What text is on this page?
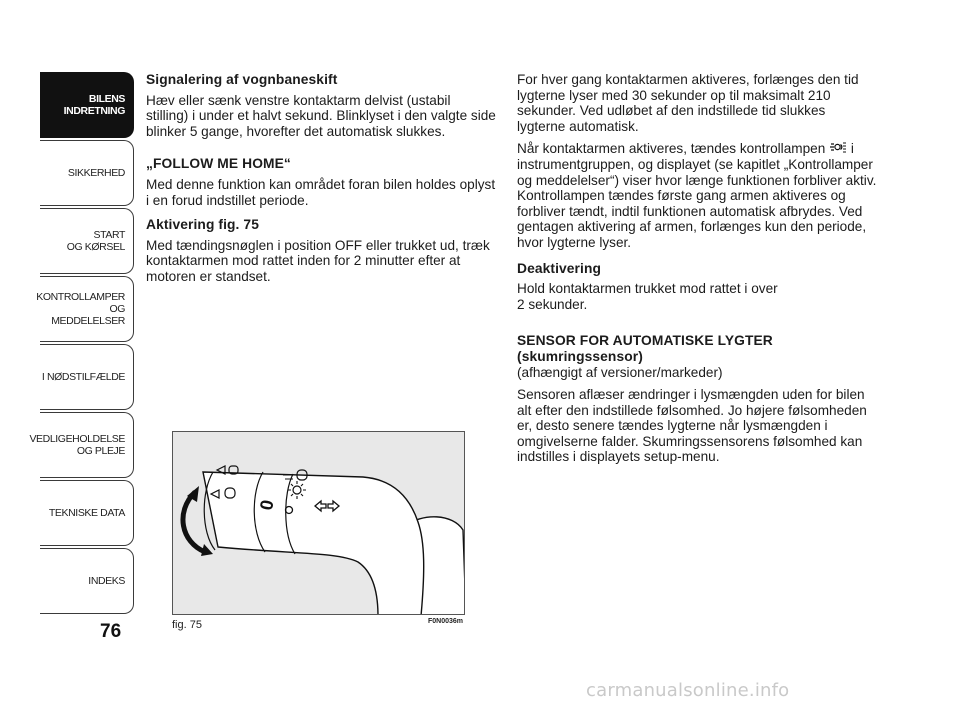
BILENS
INDRETNING
SIKKERHED
START
OG KØRSEL
KONTROLLAMPER
OG MEDDELELSER
I NØDSTILFÆLDE
VEDLIGEHOLDELSE
OG PLEJE
TEKNISKE DATA
INDEKS
76
Signalering af vognbaneskift

Hæv eller sænk venstre kontaktarm delvist (ustabil stilling) i under et halvt sekund. Blinklyset i den valgte side blinker 5 gange, hvorefter det automatisk slukkes.

„FOLLOW ME HOME“

Med denne funktion kan området foran bilen holdes oplyst i en forud indstillet periode.

Aktivering fig. 75

Med tændingsnøglen i position OFF eller trukket ud, træk kontaktarmen mod rattet inden for 2 minutter efter at motoren er standset.

For hver gang kontaktarmen aktiveres, forlænges den tid lygterne lyser med 30 sekunder op til maksimalt 210 sekunder. Ved udløbet af den indstillede tid slukkes lygterne automatisk.

Når kontaktarmen aktiveres, tændes kontrollampen i instrumentgruppen, og displayet (se kapitlet „Kontrollamper og meddelelser“) viser hvor længe funktionen forbliver aktiv. Kontrollampen tændes første gang armen aktiveres og forbliver tændt, indtil funktionen automatisk afbrydes. Ved gentagen aktivering af armen, forlænges kun den periode, hvor lygterne lyser.

Deaktivering

Hold kontaktarmen trukket mod rattet i over
2 sekunder.

SENSOR FOR AUTOMATISKE LYGTER
(skumringssensor)

(afhængigt af versioner/markeder)

Sensoren aflæser ændringer i lysmængden uden for bilen alt efter den indstillede følsomhed. Jo højere følsomheden er, desto senere tændes lygterne når lysmængden i omgivelserne falder. Skumringssensorens følsomhed kan indstilles i displayets setup-menu.

0
fig. 75	F0N0036m
carmanualsonline.info
